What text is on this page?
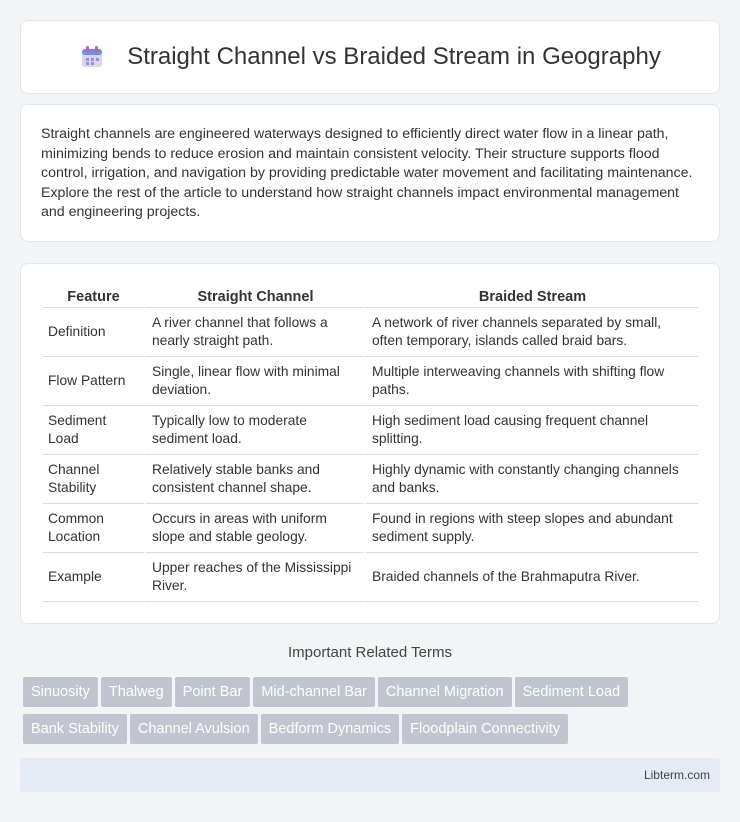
Straight Channel vs Braided Stream in Geography

Straight channels are engineered waterways designed to efficiently direct water flow in a linear path, minimizing bends to reduce erosion and maintain consistent velocity. Their structure supports flood control, irrigation, and navigation by providing predictable water movement and facilitating maintenance. Explore the rest of the article to understand how straight channels impact environmental management and engineering projects.

Feature	Straight Channel	Braided Stream
Definition	A river channel that follows a nearly straight path.	A network of river channels separated by small, often temporary, islands called braid bars.
Flow Pattern	Single, linear flow with minimal deviation.	Multiple interweaving channels with shifting flow paths.
Sediment Load	Typically low to moderate sediment load.	High sediment load causing frequent channel splitting.
Channel Stability	Relatively stable banks and consistent channel shape.	Highly dynamic with constantly changing channels and banks.
Common Location	Occurs in areas with uniform slope and stable geology.	Found in regions with steep slopes and abundant sediment supply.
Example	Upper reaches of the Mississippi River.	Braided channels of the Brahmaputra River.
Important Related Terms
Sinuosity Thalweg Point Bar Mid-channel Bar Channel Migration Sediment Load
Bank Stability Channel Avulsion Bedform Dynamics Floodplain Connectivity
Libterm.com
